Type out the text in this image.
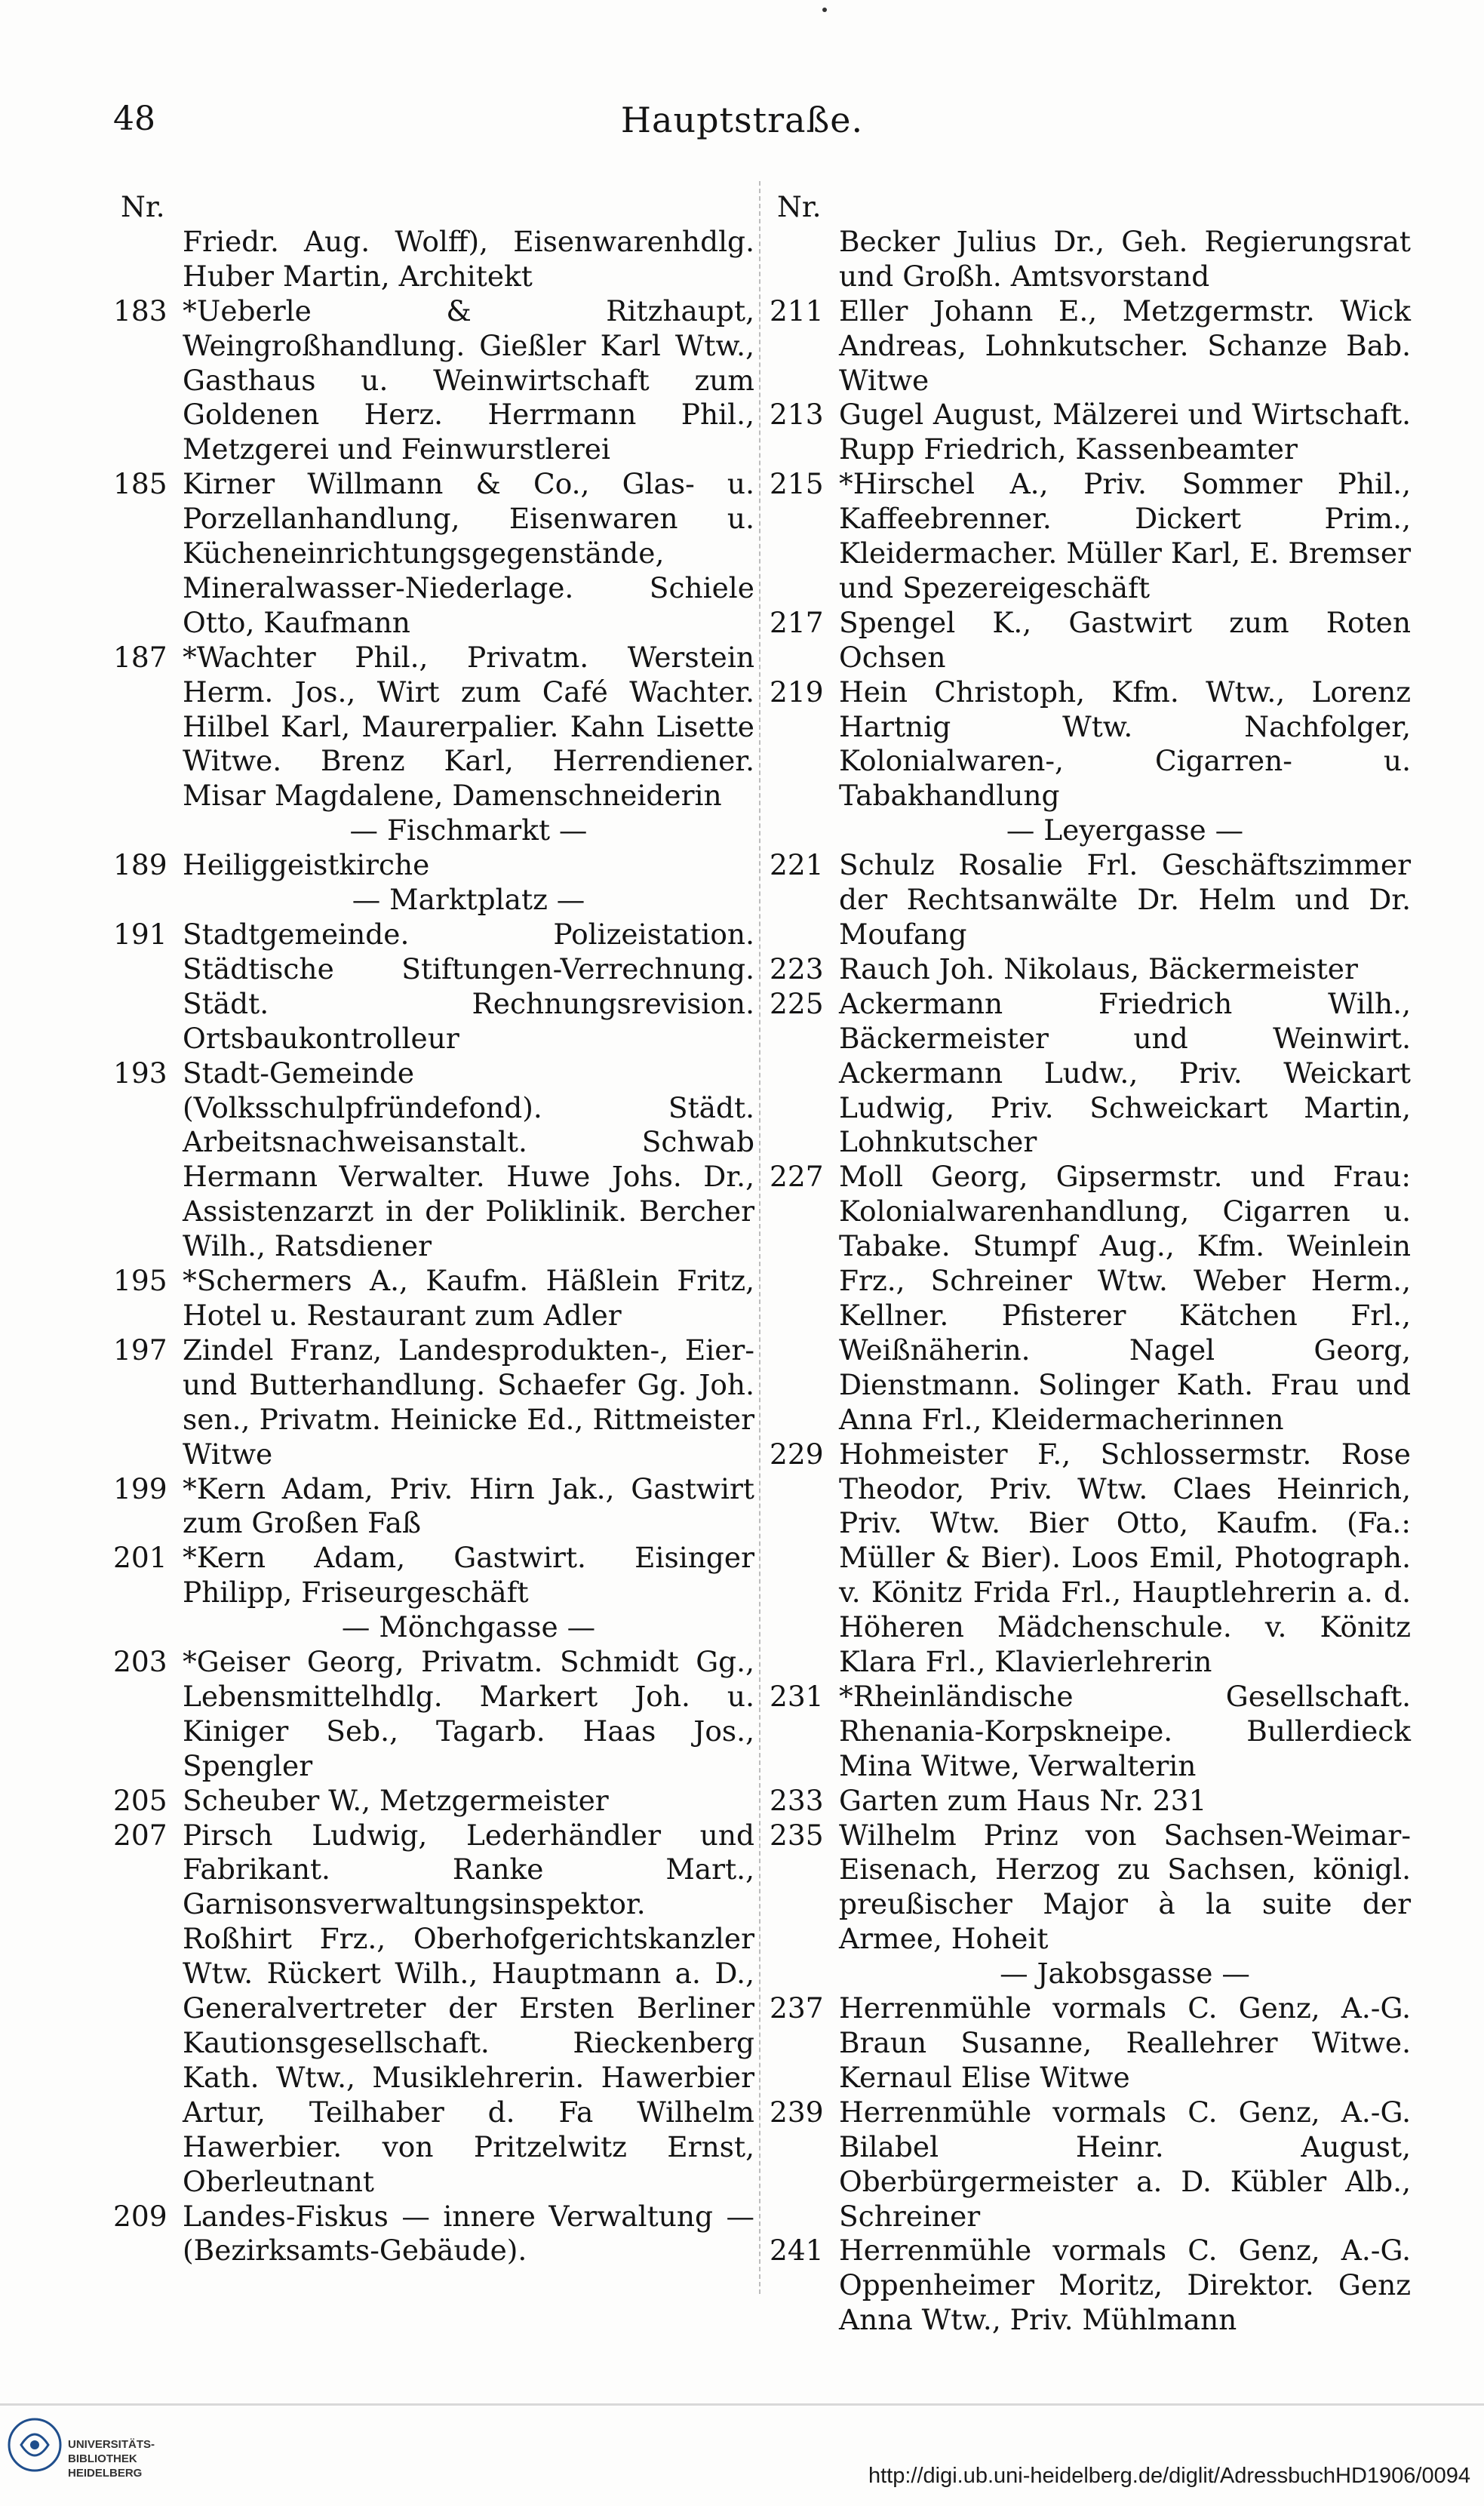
48	Hauptstraße.
Nr.
Friedr. Aug. Wolff), Eisenwarenhdlg. Huber Martin, Architekt
183 *Ueberle & Ritzhaupt, Weingroßhandlung. Gießler Karl Wtw., Gasthaus u. Weinwirtschaft zum Goldenen Herz. Herrmann Phil., Metzgerei und Feinwurstlerei
185 Kirner Willmann & Co., Glas- u. Porzellanhandlung, Eisenwaren u. Kücheneinrichtungsgegenstände, Mineralwasser-Niederlage. Schiele Otto, Kaufmann
187 *Wachter Phil., Privatm. Werstein Herm. Jos., Wirt zum Café Wachter. Hilbel Karl, Maurerpalier. Kahn Lisette Witwe. Brenz Karl, Herrendiener. Misar Magdalene, Damenschneiderin
— Fischmarkt —
189 Heiliggeistkirche
— Marktplatz —
191 Stadtgemeinde. Polizeistation. Städtische Stiftungen-Verrechnung. Städt. Rechnungsrevision. Ortsbaukontrolleur
193 Stadt-Gemeinde (Volksschulpfründefond). Städt. Arbeitsnachweisanstalt. Schwab Hermann Verwalter. Huwe Johs. Dr., Assistenzarzt in der Poliklinik. Bercher Wilh., Ratsdiener
195 *Schermers A., Kaufm. Häßlein Fritz, Hotel u. Restaurant zum Adler
197 Zindel Franz, Landesprodukten-, Eier- und Butterhandlung. Schaefer Gg. Joh. sen., Privatm. Heinicke Ed., Rittmeister Witwe
199 *Kern Adam, Priv. Hirn Jak., Gastwirt zum Großen Faß
201 *Kern Adam, Gastwirt. Eisinger Philipp, Friseurgeschäft
— Mönchgasse —
203 *Geiser Georg, Privatm. Schmidt Gg., Lebensmittelhdlg. Markert Joh. u. Kiniger Seb., Tagarb. Haas Jos., Spengler
205 Scheuber W., Metzgermeister
207 Pirsch Ludwig, Lederhändler und Fabrikant. Ranke Mart., Garnisonsverwaltungsinspektor. Roßhirt Frz., Oberhofgerichtskanzler Wtw. Rückert Wilh., Hauptmann a. D., Generalvertreter der Ersten Berliner Kautionsgesellschaft. Rieckenberg Kath. Wtw., Musiklehrerin. Hawerbier Artur, Teilhaber d. Fa Wilhelm Hawerbier. von Pritzelwitz Ernst, Oberleutnant
209 Landes-Fiskus — innere Verwaltung — (Bezirksamts-Gebäude).
Nr.
Becker Julius Dr., Geh. Regierungsrat und Großh. Amtsvorstand
211 Eller Johann E., Metzgermstr. Wick Andreas, Lohnkutscher. Schanze Bab. Witwe
213 Gugel August, Mälzerei und Wirtschaft. Rupp Friedrich, Kassenbeamter
215 *Hirschel A., Priv. Sommer Phil., Kaffeebrenner. Dickert Prim., Kleidermacher. Müller Karl, E. Bremser und Spezereigeschäft
217 Spengel K., Gastwirt zum Roten Ochsen
219 Hein Christoph, Kfm. Wtw., Lorenz Hartnig Wtw. Nachfolger, Kolonialwaren-, Cigarren- u. Tabakhandlung
— Leyergasse —
221 Schulz Rosalie Frl. Geschäftszimmer der Rechtsanwälte Dr. Helm und Dr. Moufang
223 Rauch Joh. Nikolaus, Bäckermeister
225 Ackermann Friedrich Wilh., Bäckermeister und Weinwirt. Ackermann Ludw., Priv. Weickart Ludwig, Priv. Schweickart Martin, Lohnkutscher
227 Moll Georg, Gipsermstr. und Frau: Kolonialwarenhandlung, Cigarren u. Tabake. Stumpf Aug., Kfm. Weinlein Frz., Schreiner Wtw. Weber Herm., Kellner. Pfisterer Kätchen Frl., Weißnäherin. Nagel Georg, Dienstmann. Solinger Kath. Frau und Anna Frl., Kleidermacherinnen
229 Hohmeister F., Schlossermstr. Rose Theodor, Priv. Wtw. Claes Heinrich, Priv. Wtw. Bier Otto, Kaufm. (Fa.: Müller & Bier). Loos Emil, Photograph. v. Könitz Frida Frl., Hauptlehrerin a. d. Höheren Mädchenschule. v. Könitz Klara Frl., Klavierlehrerin
231 *Rheinländische Gesellschaft. Rhenania-Korpskneipe. Bullerdieck Mina Witwe, Verwalterin
233 Garten zum Haus Nr. 231
235 Wilhelm Prinz von Sachsen-Weimar-Eisenach, Herzog zu Sachsen, königl. preußischer Major à la suite der Armee, Hoheit
— Jakobsgasse —
237 Herrenmühle vormals C. Genz, A.-G. Braun Susanne, Reallehrer Witwe. Kernaul Elise Witwe
239 Herrenmühle vormals C. Genz, A.-G. Bilabel Heinr. August, Oberbürgermeister a. D. Kübler Alb., Schreiner
241 Herrenmühle vormals C. Genz, A.-G. Oppenheimer Moritz, Direktor. Genz Anna Wtw., Priv. Mühlmann
UNIVERSITÄTS-
BIBLIOTHEK
HEIDELBERG	http://digi.ub.uni-heidelberg.de/diglit/AdressbuchHD1906/0094
